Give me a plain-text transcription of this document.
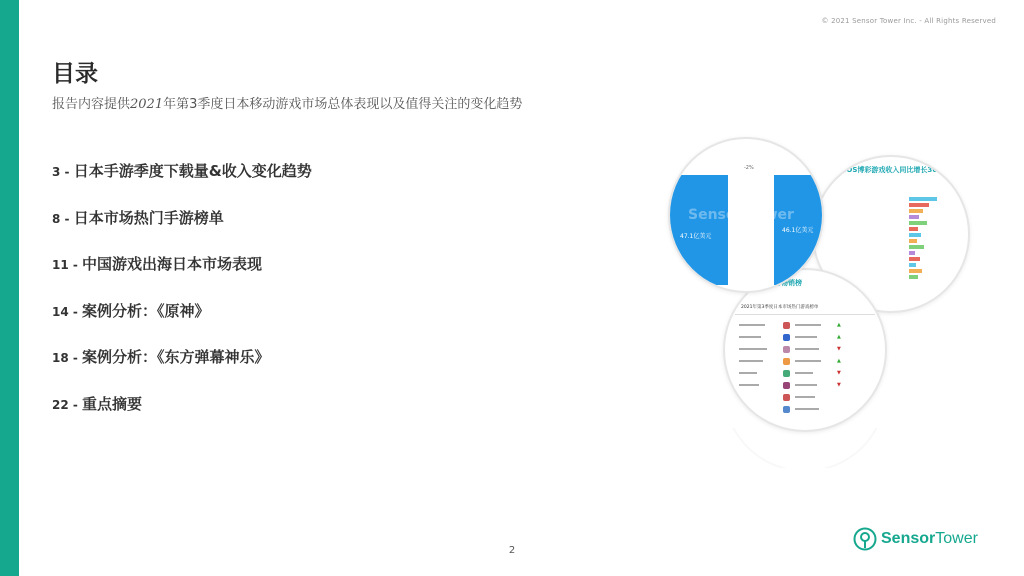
© 2021 Sensor Tower Inc. - All Rights Reserved
目录
报告内容提供2021年第3季度日本移动游戏市场总体表现以及值得关注的变化趋势
3 - 日本手游季度下载量&收入变化趋势
8 - 日本市场热门手游榜单
11 - 中国游戏出海日本市场表现
14 - 案例分析：《原神》
18 - 案例分析：《东方弹幕神乐》
22 - 重点摘要
iOS博彩游戏收入同比增长36%
2021年第3季度日本市场热门游戏榜单
▲
▲
▼
▲
▼
▼
-2%
Sensor Tower
47.1亿美元
46.1亿美元
2
SensorTower
